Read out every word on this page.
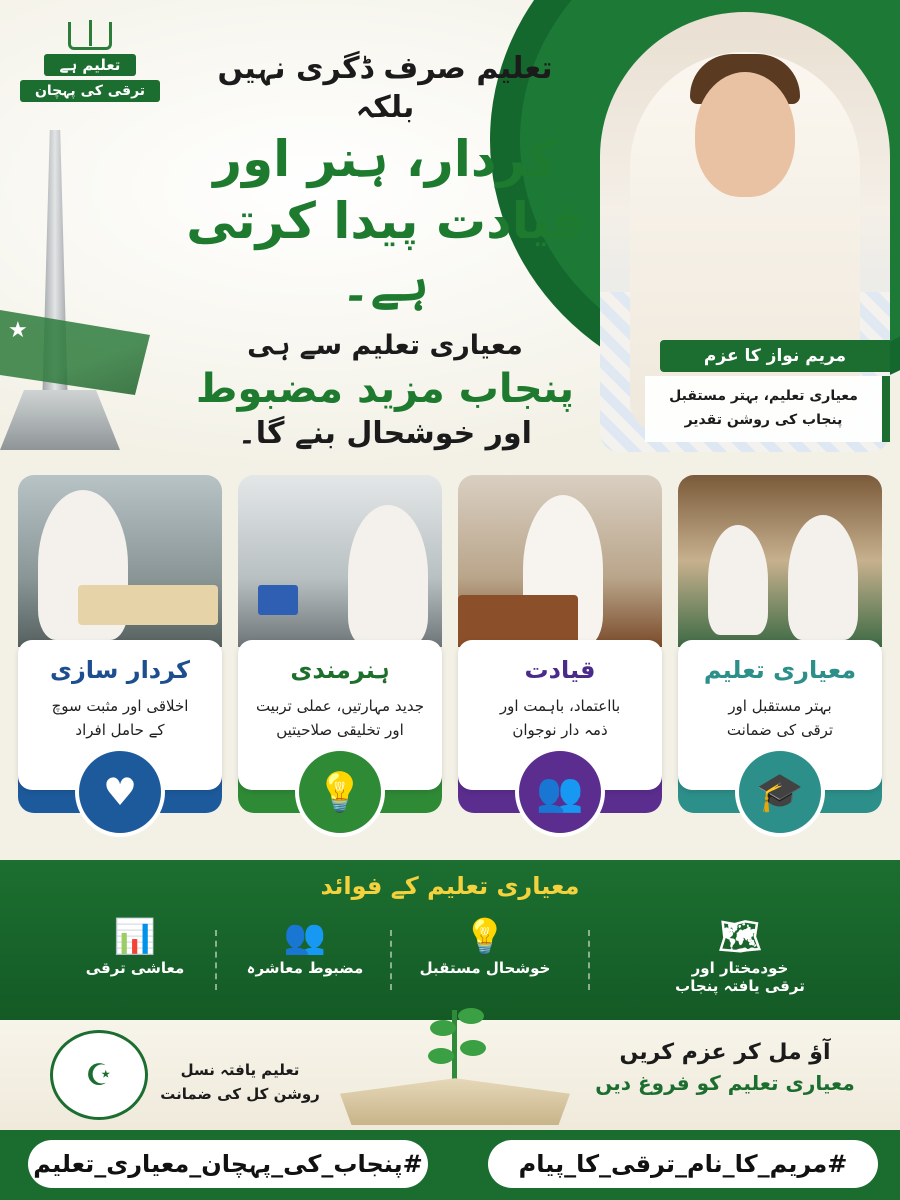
تعلیم ہے
ترقی کی پہچان
★
تعلیم صرف ڈگری نہیں
بلکہ
کردار، ہنر اور
قیادت پیدا کرتی ہے۔
معیاری تعلیم سے ہی
پنجاب مزید مضبوط
اور خوشحال بنے گا۔
مریم نواز کا عزم
معیاری تعلیم، بہتر مستقبل
پنجاب کی روشن تقدیر
معیاری تعلیم
بہتر مستقبل اور
ترقی کی ضمانت
🎓
قیادت
بااعتماد، باہمت اور
ذمہ دار نوجوان
👥
ہنرمندی
جدید مہارتیں، عملی تربیت
اور تخلیقی صلاحیتیں
💡
کردار سازی
اخلاقی اور مثبت سوچ
کے حامل افراد
♥
معیاری تعلیم کے فوائد
🗺
خودمختار اور
ترقی یافتہ پنجاب
💡
خوشحال مستقبل
👥
مضبوط معاشرہ
📊
معاشی ترقی
☪	تعلیم یافتہ نسل
روشن کل کی ضمانت
آؤ مل کر عزم کریں
معیاری تعلیم کو فروغ دیں
#مریم_کا_نام_ترقی_کا_پیام
#پنجاب_کی_پہچان_معیاری_تعلیم
